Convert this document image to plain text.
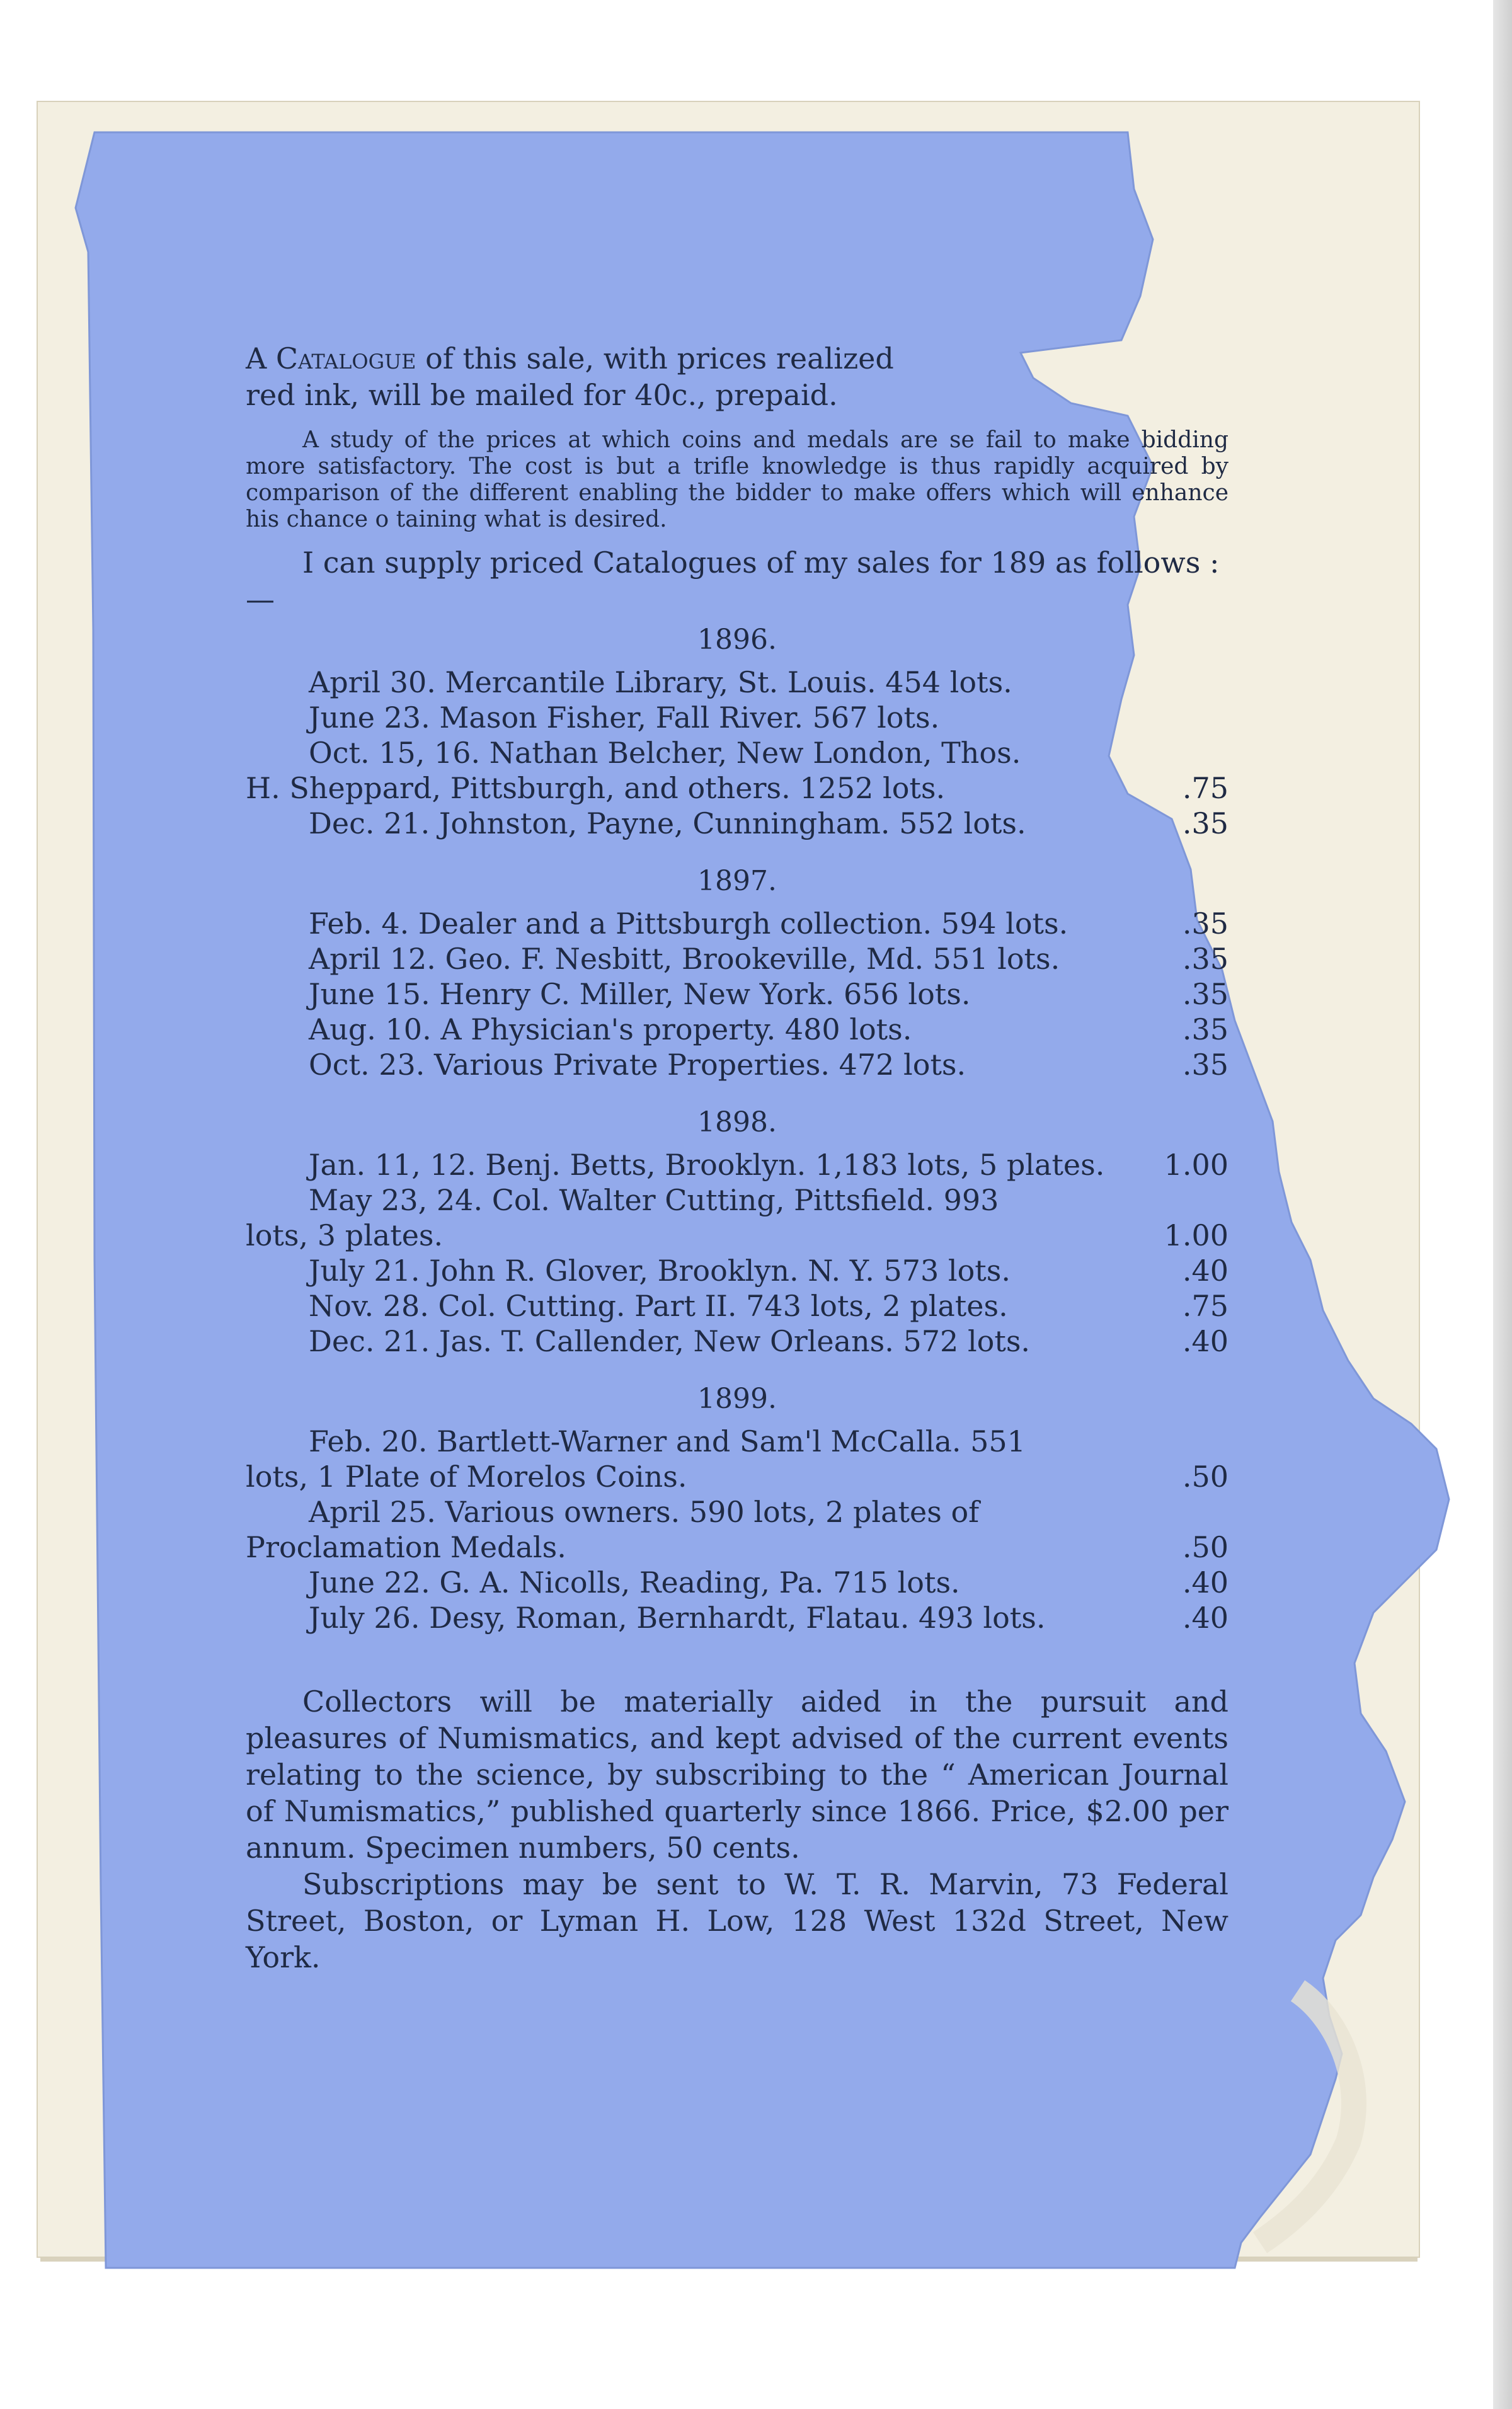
A Catalogue of this sale, with prices realized
red ink, will be mailed for 40c., prepaid.

A study of the prices at which coins and medals are se fail to make bidding more satisfactory. The cost is but a trifle knowledge is thus rapidly acquired by comparison of the different enabling the bidder to make offers which will enhance his chance o taining what is desired.

I can supply priced Catalogues of my sales for 189 as follows : —

1896.
April 30. Mercantile Library, St. Louis. 454 lots.
June 23. Mason Fisher, Fall River. 567 lots.
Oct. 15, 16. Nathan Belcher, New London, Thos.
H. Sheppard, Pittsburgh, and others. 1252 lots.	.75
Dec. 21. Johnston, Payne, Cunningham. 552 lots.	.35
1897.
Feb. 4. Dealer and a Pittsburgh collection. 594 lots.	.35
April 12. Geo. F. Nesbitt, Brookeville, Md. 551 lots.	.35
June 15. Henry C. Miller, New York. 656 lots.	.35
Aug. 10. A Physician's property. 480 lots.	.35
Oct. 23. Various Private Properties. 472 lots.	.35
1898.
Jan. 11, 12. Benj. Betts, Brooklyn. 1,183 lots, 5 plates.	1.00
May 23, 24. Col. Walter Cutting, Pittsfield. 993
lots, 3 plates.	1.00
July 21. John R. Glover, Brooklyn. N. Y. 573 lots.	.40
Nov. 28. Col. Cutting. Part II. 743 lots, 2 plates.	.75
Dec. 21. Jas. T. Callender, New Orleans. 572 lots.	.40
1899.
Feb. 20. Bartlett-Warner and Sam'l McCalla. 551
lots, 1 Plate of Morelos Coins.	.50
April 25. Various owners. 590 lots, 2 plates of
Proclamation Medals.	.50
June 22. G. A. Nicolls, Reading, Pa. 715 lots.	.40
July 26. Desy, Roman, Bernhardt, Flatau. 493 lots.	.40

Collectors will be materially aided in the pursuit and pleasures of Numismatics, and kept advised of the current events relating to the science, by subscribing to the “ American Journal of Numismatics,” published quarterly since 1866. Price, $2.00 per annum. Specimen numbers, 50 cents.

Subscriptions may be sent to W. T. R. Marvin, 73 Federal Street, Boston, or Lyman H. Low, 128 West 132d Street, New York.
